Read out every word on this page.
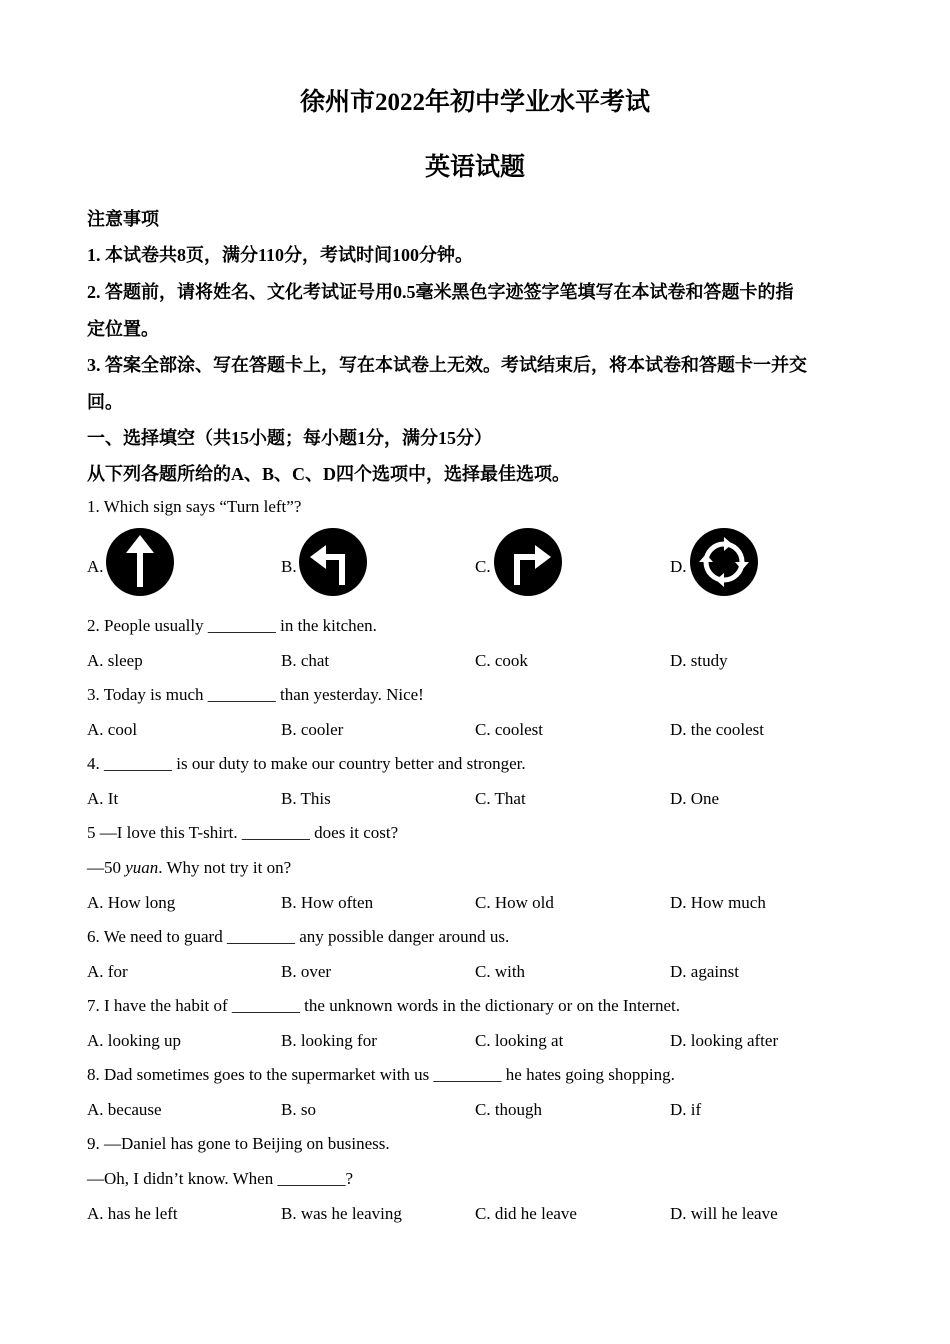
徐州市2022年初中学业水平考试
英语试题
注意事项
1. 本试卷共8页，满分110分，考试时间100分钟。
2. 答题前，请将姓名、文化考试证号用0.5毫米黑色字迹签字笔填写在本试卷和答题卡的指
定位置。
3. 答案全部涂、写在答题卡上，写在本试卷上无效。考试结束后，将本试卷和答题卡一并交
回。
一、选择填空（共15小题；每小题1分，满分15分）
从下列各题所给的A、B、C、D四个选项中，选择最佳选项。
1. Which sign says “Turn left”?
A.	B.	C.	D.
2. People usually ________ in the kitchen.
A. sleep	B. chat	C. cook	D. study
3. Today is much ________ than yesterday. Nice!
A. cool	B. cooler	C. coolest	D. the coolest
4. ________ is our duty to make our country better and stronger.
A. It	B. This	C. That	D. One
5 —I love this T-shirt. ________ does it cost?
—50 yuan. Why not try it on?
A. How long	B. How often	C. How old	D. How much
6. We need to guard ________ any possible danger around us.
A. for	B. over	C. with	D. against
7. I have the habit of ________ the unknown words in the dictionary or on the Internet.
A. looking up	B. looking for	C. looking at	D. looking after
8. Dad sometimes goes to the supermarket with us ________ he hates going shopping.
A. because	B. so	C. though	D. if
9. —Daniel has gone to Beijing on business.
—Oh, I didn’t know. When ________?
A. has he left	B. was he leaving	C. did he leave	D. will he leave
